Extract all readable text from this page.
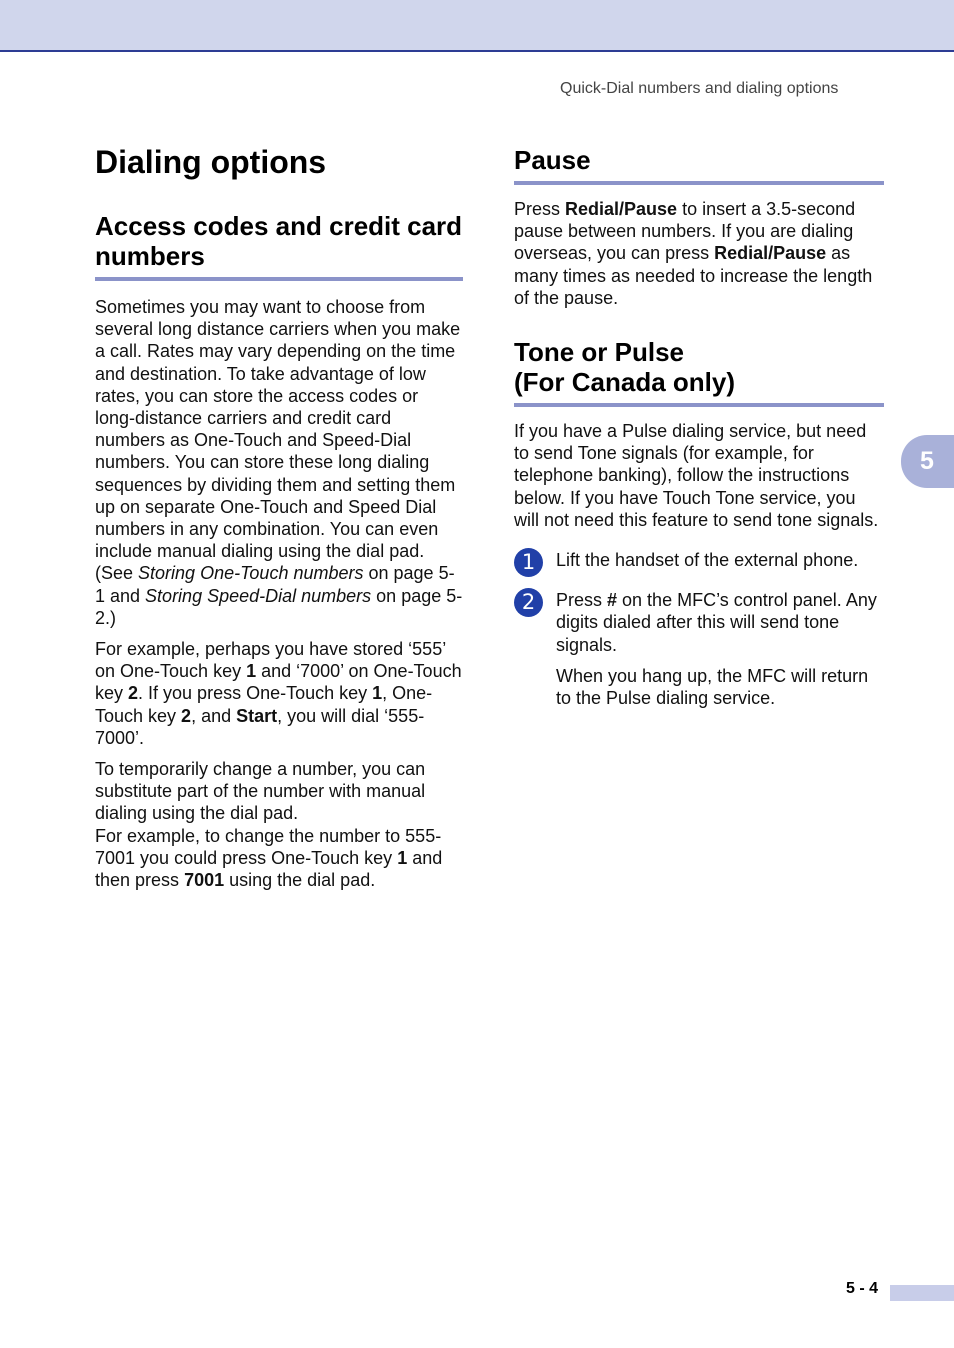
Quick-Dial numbers and dialing options
Dialing options
Access codes and credit card numbers

Sometimes you may want to choose from several long distance carriers when you make a call. Rates may vary depending on the time and destination. To take advantage of low rates, you can store the access codes or long-distance carriers and credit card numbers as One-Touch and Speed-Dial numbers. You can store these long dialing sequences by dividing them and setting them up on separate One-Touch and Speed Dial numbers in any combination. You can even include manual dialing using the dial pad. (See Storing One-Touch numbers on page 5-1 and Storing Speed-Dial numbers on page 5-2.)

For example, perhaps you have stored ‘555’ on One-Touch key 1 and ‘7000’ on One-Touch key 2. If you press One-Touch key 1, One-Touch key 2, and Start, you will dial ‘555-7000’.

To temporarily change a number, you can substitute part of the number with manual dialing using the dial pad.
For example, to change the number to 555-7001 you could press One-Touch key 1 and then press 7001 using the dial pad.

Pause

Press Redial/Pause to insert a 3.5-second pause between numbers. If you are dialing overseas, you can press Redial/Pause as many times as needed to increase the length of the pause.

Tone or Pulse
(For Canada only)

If you have a Pulse dialing service, but need to send Tone signals (for example, for telephone banking), follow the instructions below. If you have Touch Tone service, you will not need this feature to send tone signals.

1	Lift the handset of the external phone.

2	Press # on the MFC’s control panel. Any digits dialed after this will send tone signals.

When you hang up, the MFC will return to the Pulse dialing service.

5
5 - 4
